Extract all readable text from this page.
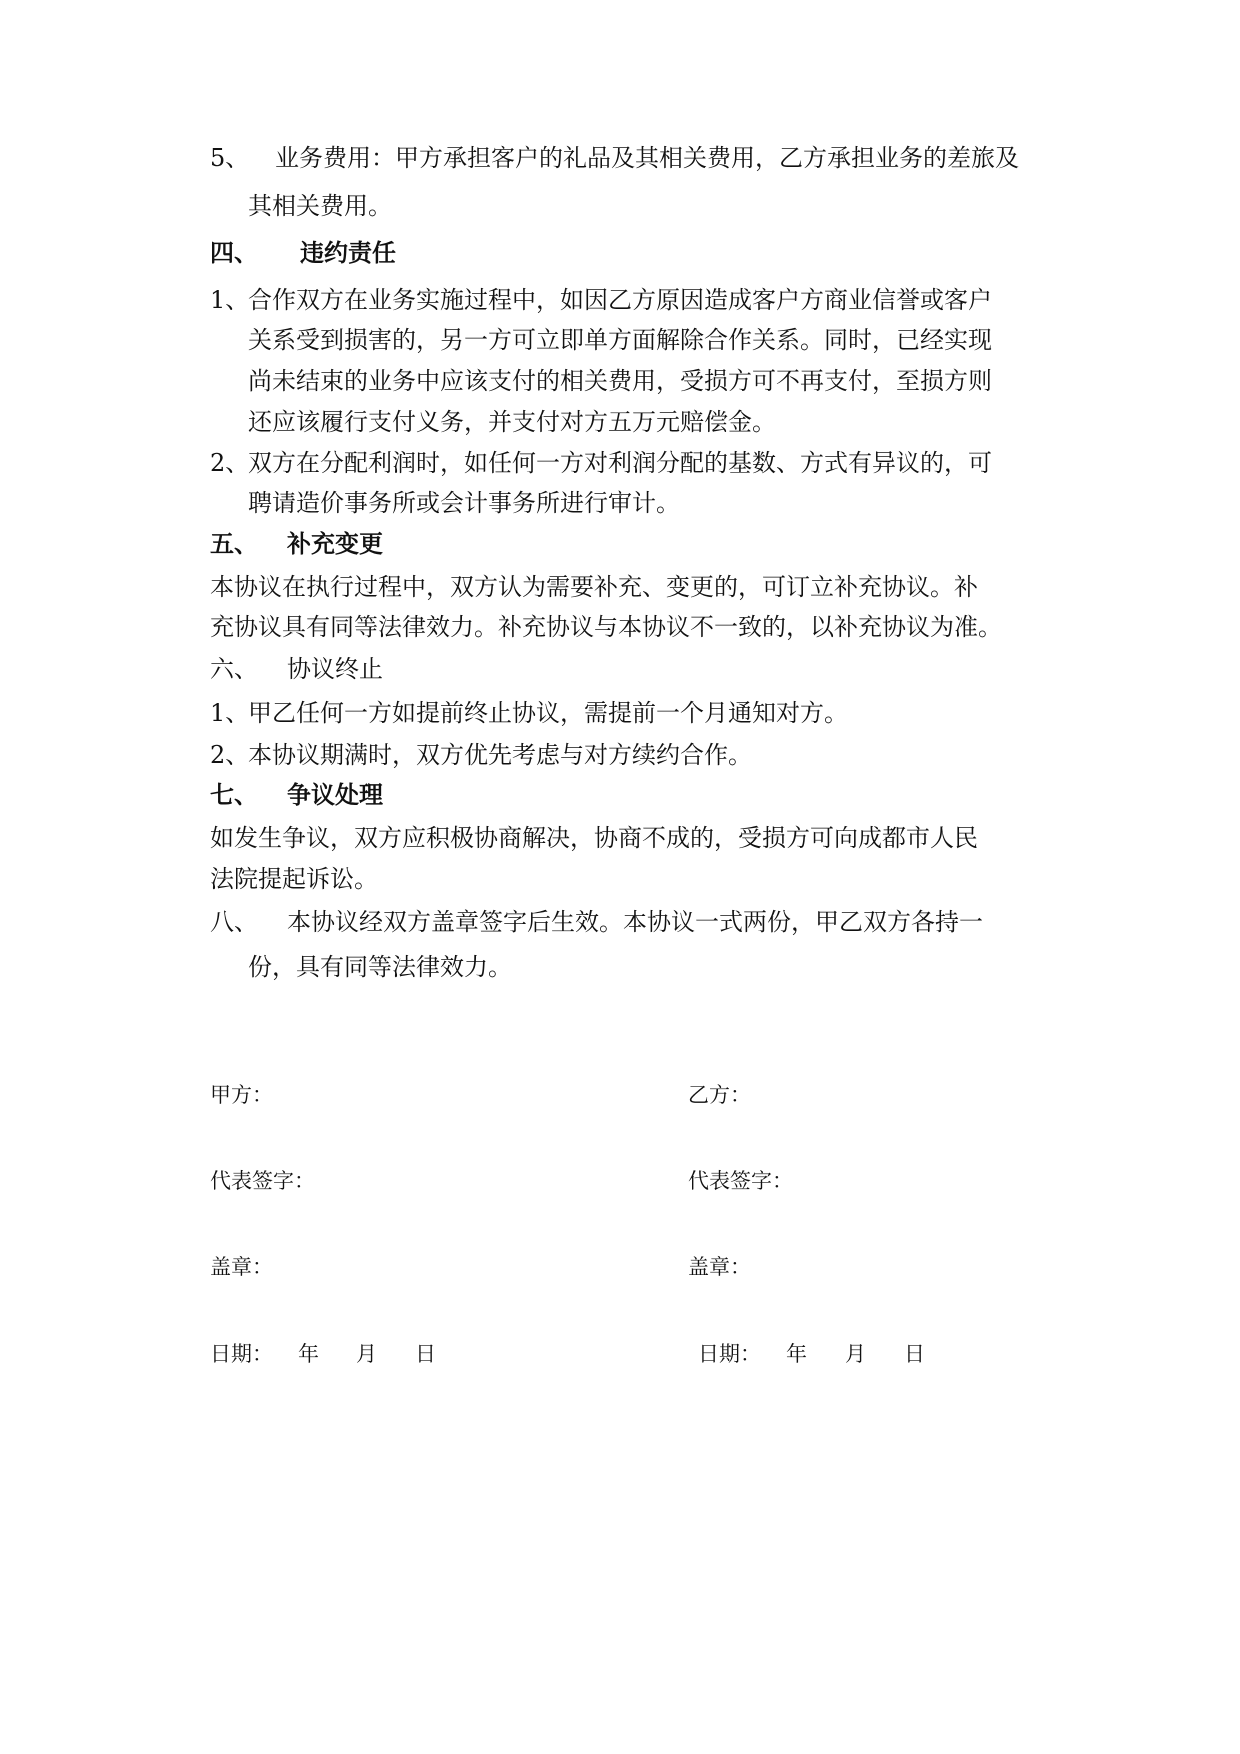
5、 业务费用：甲方承担客户的礼品及其相关费用，乙方承担业务的差旅及
其相关费用。
四、 违约责任
1、
合作双方在业务实施过程中，如因乙方原因造成客户方商业信誉或客户
关系受到损害的，另一方可立即单方面解除合作关系。同时，已经实现
尚未结束的业务中应该支付的相关费用，受损方可不再支付，至损方则
还应该履行支付义务，并支付对方五万元赔偿金。
2、
双方在分配利润时，如任何一方对利润分配的基数、方式有异议的，可
聘请造价事务所或会计事务所进行审计。
五、 补充变更
本协议在执行过程中，双方认为需要补充、变更的，可订立补充协议。补
充协议具有同等法律效力。补充协议与本协议不一致的，以补充协议为准。
六、 协议终止
1、
甲乙任何一方如提前终止协议，需提前一个月通知对方。
2、
本协议期满时，双方优先考虑与对方续约合作。
七、 争议处理
如发生争议，双方应积极协商解决，协商不成的，受损方可向成都市人民
法院提起诉讼。
八、 本协议经双方盖章签字后生效。本协议一式两份，甲乙双方各持一
份，具有同等法律效力。
甲方：
代表签字：
盖章：
日期： 年 月 日
乙方：
代表签字：
盖章：
日期： 年 月 日
